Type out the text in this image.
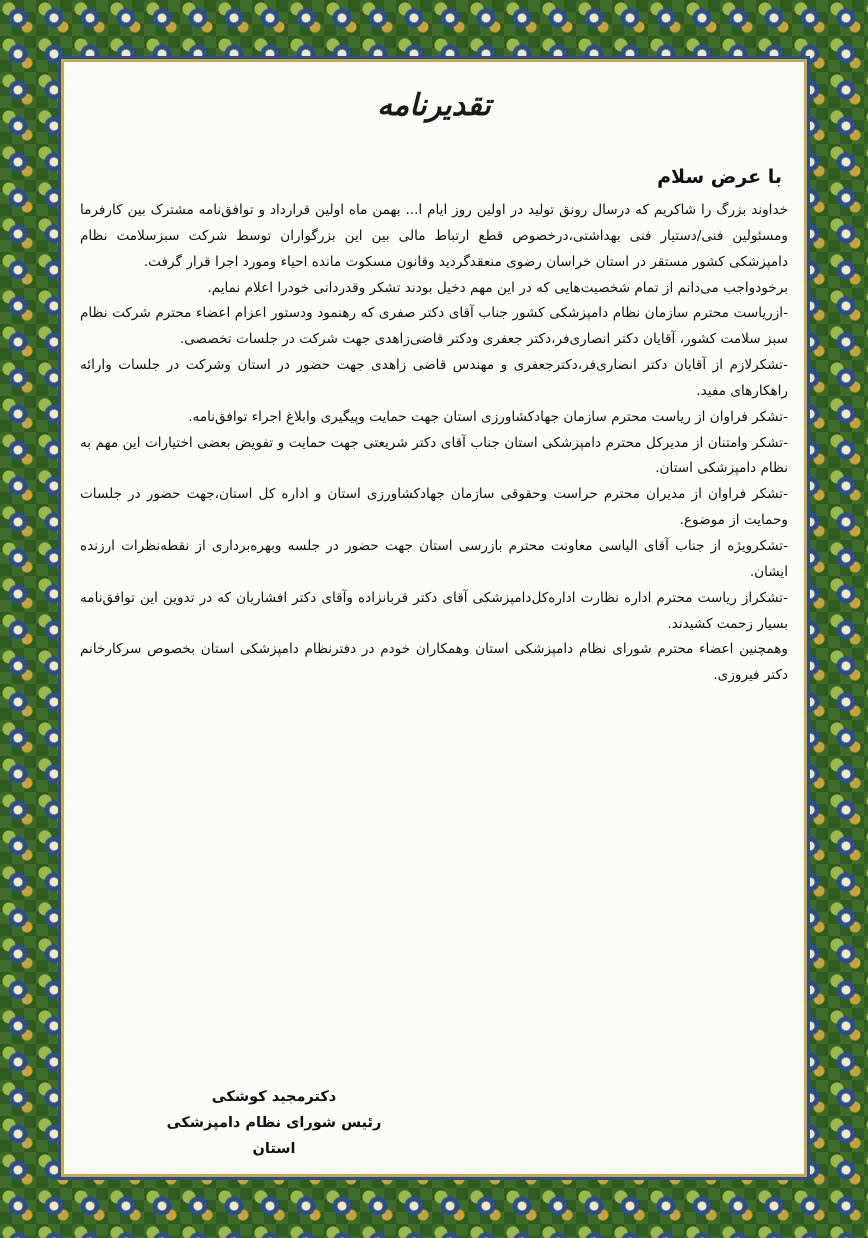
تقدیرنامه
با عرض سلام

خداوند بزرگ را شاکریم که درسال رونق تولید در اولین روز ایام ا... بهمن ماه اولین قرارداد و توافق‌نامه مشترک بین کارفرما ومسئولین فنی/دستیار فنی بهداشتی،درخصوص قطع ارتباط مالی بین این بزرگواران توسط شرکت سبزسلامت نظام دامپزشکی کشور مستقر در استان خراسان رضوی منعقدگردید وقانون مسکوت مانده احیاء ومورد اجرا قرار گرفت.

برخودواجب می‌دانم از تمام شخصیت‌هایی که در این مهم دخیل بودند تشکر وقدردانی خودرا اعلام نمایم.

-ازریاست محترم سازمان نظام دامپزشکی کشور جناب آقای دکتر صفری که رهنمود ودستور اعزام اعضاء محترم شرکت نظام سبز سلامت کشور، آقایان دکتر انصاری‌فر،دکتر جعفری ودکتر قاضی‌زاهدی جهت شرکت در جلسات تخصصی.

-تشکرلازم از آقایان دکتر انصاری‌فر،دکترجعفری و مهندس قاضی زاهدی جهت حضور در استان وشرکت در جلسات وارائه راهکارهای مفید.

-تشکر فراوان از ریاست محترم سازمان جهادکشاورزی استان جهت حمایت وپیگیری وابلاغ اجراء توافق‌نامه.

-تشکر وامتنان از مدیرکل محترم دامپزشکی استان جناب آقای دکتر شریعتی جهت حمایت و تفویض بعضی اختیارات این مهم به نظام دامپزشکی استان.

-تشکر فراوان از مدیران محترم حراست وحقوقی سازمان جهادکشاورزی استان و اداره کل استان،جهت حضور در جلسات وحمایت از موضوع.

-تشکرویژه از جناب آقای الیاسی معاونت محترم بازرسی استان جهت حضور در جلسه وبهره‌برداری از نقطه‌نظرات ارزنده ایشان.

-تشکراز ریاست محترم اداره نظارت اداره‌کل‌دامپزشکی آقای دکتر قربانزاده وآقای دکتر افشاریان که در تدوین این توافق‌نامه بسیار زحمت کشیدند.

وهمچنین اعضاء محترم شورای نظام دامپزشکی استان وهمکاران خودم در دفترنظام دامپزشکی استان بخصوص سرکارخانم دکتر فیروزی.

دکترمجید کوشکی
رئیس شورای نظام دامپزشکی استان
